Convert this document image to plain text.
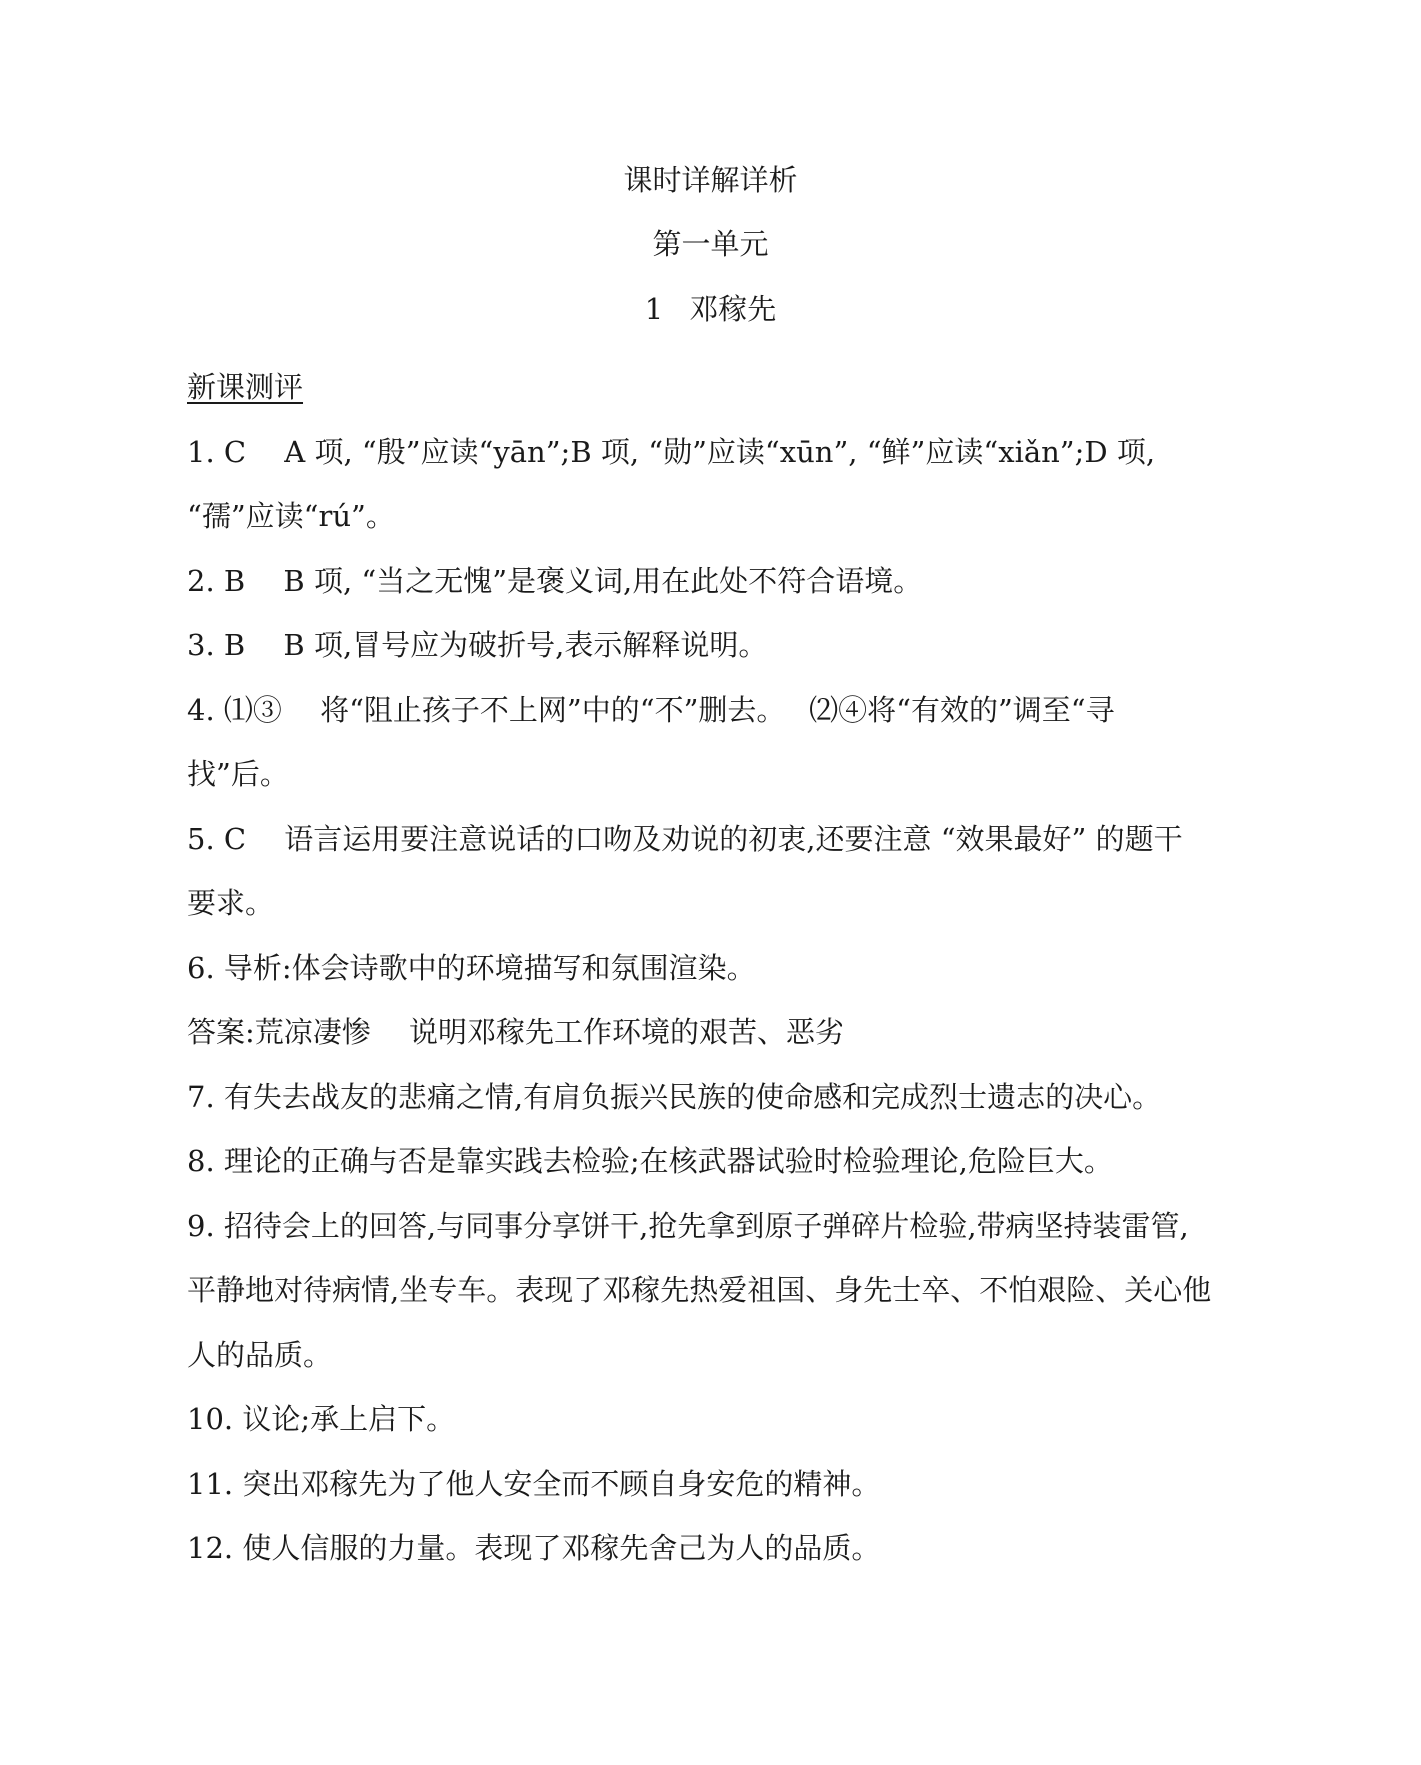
课时详解详析
第一单元
1 邓稼先
新课测评
1. C　 A 项, “殷”应读“yān”;B 项, “勋”应读“xūn”, “鲜”应读“xiǎn”;D 项,
“孺”应读“rú”。
2. B　 B 项, “当之无愧”是褒义词,用在此处不符合语境。
3. B　 B 项,冒号应为破折号,表示解释说明。
4. ⑴③　 将“阻止孩子不上网”中的“不”删去。　 ⑵④将“有效的”调至“寻
找”后。
5. C　 语言运用要注意说话的口吻及劝说的初衷,还要注意 “效果最好” 的题干
要求。
6. 导析:体会诗歌中的环境描写和氛围渲染。
答案:荒凉凄惨　 说明邓稼先工作环境的艰苦、恶劣
7. 有失去战友的悲痛之情,有肩负振兴民族的使命感和完成烈士遗志的决心。
8. 理论的正确与否是靠实践去检验;在核武器试验时检验理论,危险巨大。
9. 招待会上的回答,与同事分享饼干,抢先拿到原子弹碎片检验,带病坚持装雷管,
平静地对待病情,坐专车。表现了邓稼先热爱祖国、身先士卒、不怕艰险、关心他
人的品质。
10. 议论;承上启下。
11. 突出邓稼先为了他人安全而不顾自身安危的精神。
12. 使人信服的力量。表现了邓稼先舍己为人的品质。
